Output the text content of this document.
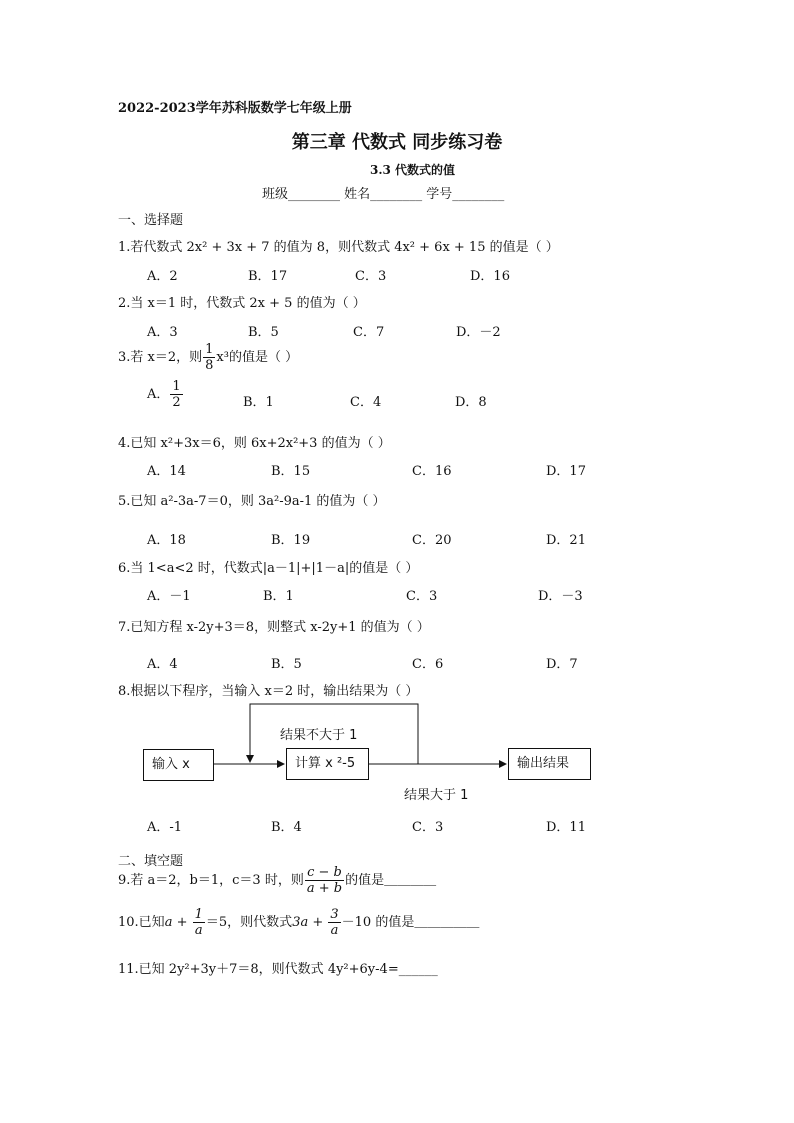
2022-2023学年苏科版数学七年级上册
第三章 代数式 同步练习卷
3.3 代数式的值
班级________ 姓名________ 学号________
一、选择题
1.若代数式 2x² + 3x + 7 的值为 8，则代数式 4x² + 6x + 15 的值是（ ）
A．2	B．17	C．3	D．16
2.当 x＝1 时，代数式 2x + 5 的值为（ ）
A．3	B．5	C．7	D．－2
3.若 x＝2，则 $\frac{1}{8} x^3$的值是（ ）
A． $\frac{1}{2}$	B．1	C．4	D．8
4.已知 x²+3x＝6，则 6x+2x²+3 的值为（ ）
A．14	B．15	C．16	D．17
5.已知 a²-3a-7＝0，则 3a²-9a-1 的值为（ ）
A．18	B．19	C．20	D．21
6.当 1<a<2 时，代数式|a－1|+|1－a|的值是（ ）
A．－1	B．1	C．3	D．－3
7.已知方程 x-2y+3＝8，则整式 x-2y+1 的值为（ ）
A．4	B．5	C．6	D．7
8.根据以下程序，当输入 x＝2 时，输出结果为（ ）
输入 x	计算 x ²-5	输出结果
结果不大于 1
结果大于 1
A．-1	B．4	C．3	D．11
二、填空题
9.若 a＝2，b＝1，c＝3 时，则 $\frac{c - b}{a + b}$ 的值是＿＿＿＿
10.已知$a + \frac{1}{a} =5$，则代数式$3a + \frac{3}{a} -10$ 的值是＿＿＿＿＿
11.已知 2y²+3y＋7＝8，则代数式 4y²+6y-4=______
